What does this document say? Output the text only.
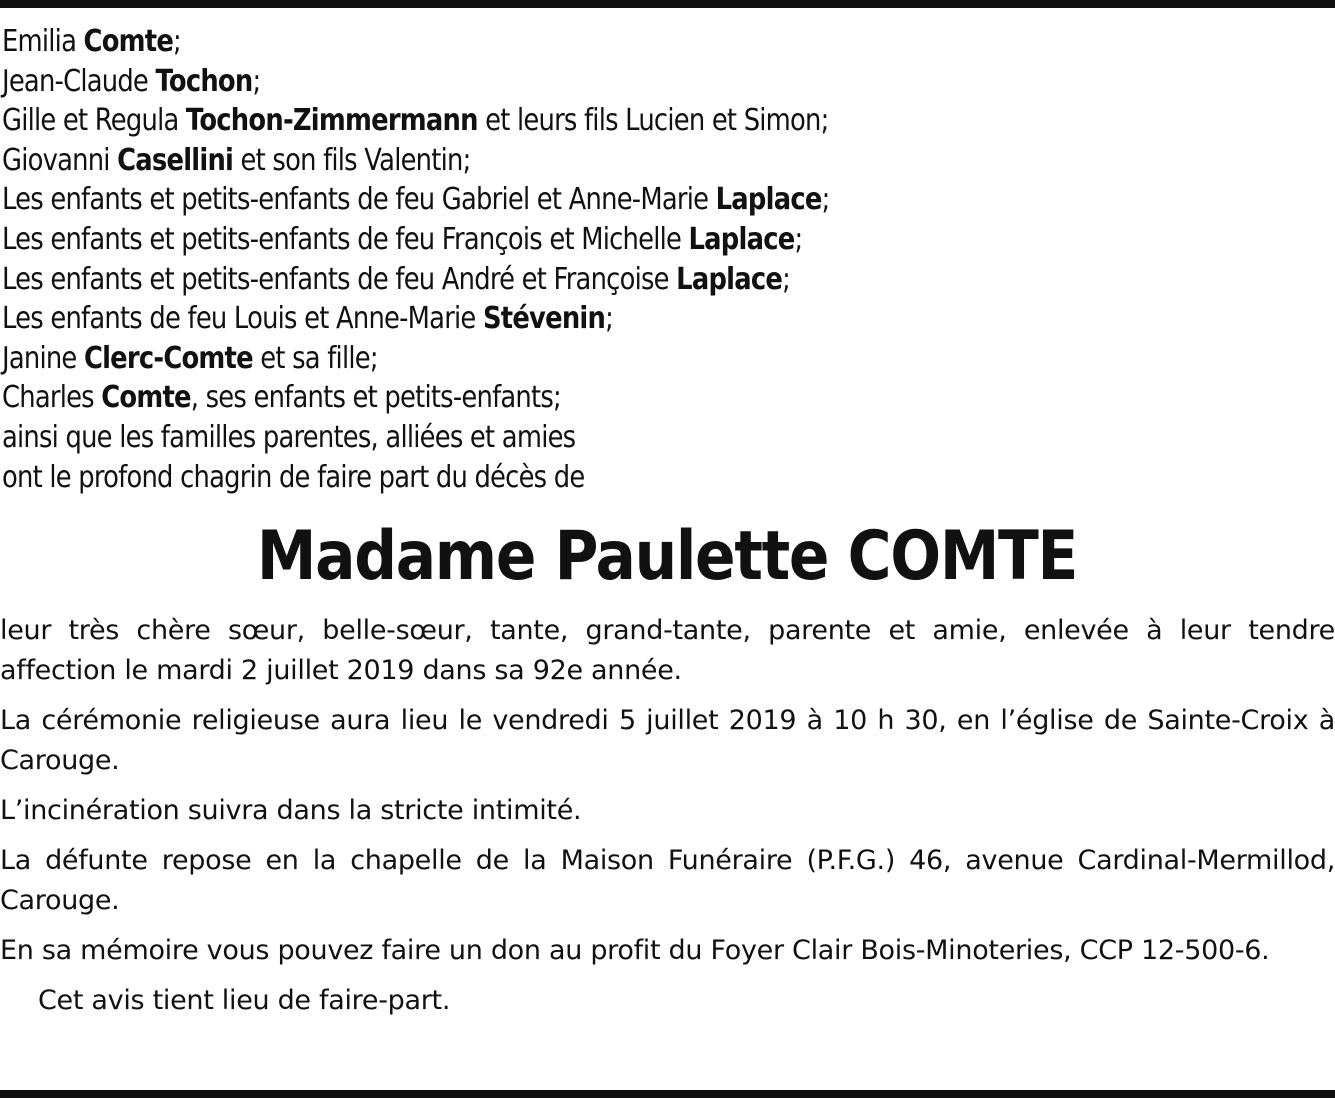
Emilia Comte;
Jean-Claude Tochon;
Gille et Regula Tochon-Zimmermann et leurs fils Lucien et Simon;
Giovanni Casellini et son fils Valentin;
Les enfants et petits-enfants de feu Gabriel et Anne-Marie Laplace;
Les enfants et petits-enfants de feu François et Michelle Laplace;
Les enfants et petits-enfants de feu André et Françoise Laplace;
Les enfants de feu Louis et Anne-Marie Stévenin;
Janine Clerc-Comte et sa fille;
Charles Comte, ses enfants et petits-enfants;
ainsi que les familles parentes, alliées et amies
ont le profond chagrin de faire part du décès de
Madame Paulette COMTE

leur très chère sœur, belle-sœur, tante, grand-tante, parente et amie, enlevée à leur tendre affection le mardi 2 juillet 2019 dans sa 92e année.

La cérémonie religieuse aura lieu le vendredi 5 juillet 2019 à 10 h 30, en l’église de Sainte-Croix à Carouge.

L’incinération suivra dans la stricte intimité.

La défunte repose en la chapelle de la Maison Funéraire (P.F.G.) 46, avenue Cardinal-Mermillod, Carouge.

En sa mémoire vous pouvez faire un don au profit du Foyer Clair Bois-Minoteries, CCP 12-500-6.

Cet avis tient lieu de faire-part.
